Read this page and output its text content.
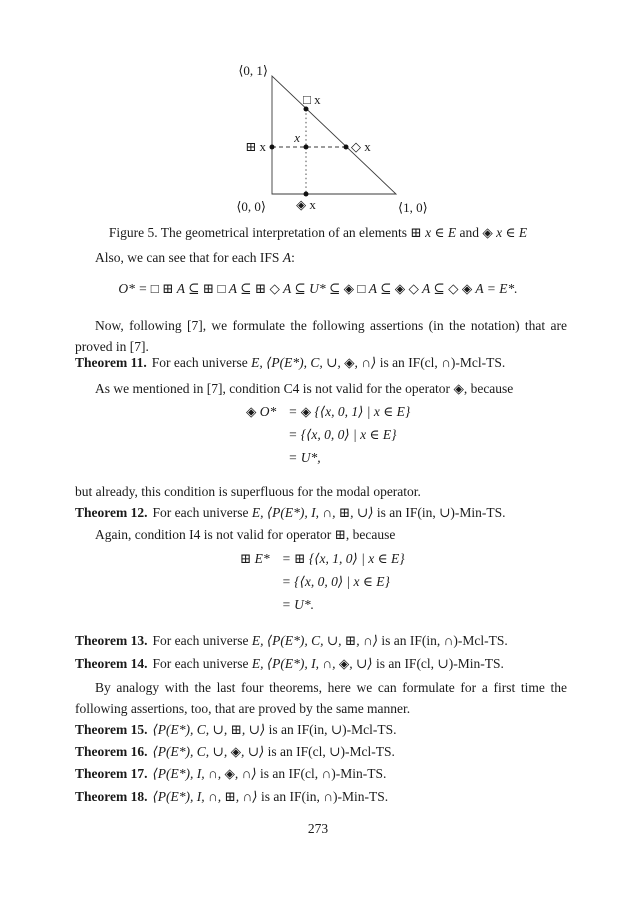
⟨0, 1⟩
⟨0, 0⟩	⟨1, 0⟩
□ x
x
⊞ x	◇ x
◈ x
Figure 5. The geometrical interpretation of an elements ⊞ x ∈ E and ◈ x ∈ E
Also, we can see that for each IFS A:
O* = □ ⊞ A ⊆ ⊞ □ A ⊆ ⊞ ◇ A ⊆ U* ⊆ ◈ □ A ⊆ ◈ ◇ A ⊆ ◇ ◈ A = E*.
Now, following [7], we formulate the following assertions (in the notation) that are proved in [7].
Theorem 11. For each universe E, ⟨P(E*), C, ∪, ◈, ∩⟩ is an IF(cl, ∩)-Mcl-TS.
As we mentioned in [7], condition C4 is not valid for the operator ◈, because
◈ O* = ◈ {⟨x, 0, 1⟩ | x ∈ E}
= {⟨x, 0, 0⟩ | x ∈ E}
= U*,
but already, this condition is superfluous for the modal operator.
Theorem 12. For each universe E, ⟨P(E*), I, ∩, ⊞, ∪⟩ is an IF(in, ∪)-Min-TS.
Again, condition I4 is not valid for operator ⊞, because
⊞ E* = ⊞ {⟨x, 1, 0⟩ | x ∈ E}
= {⟨x, 0, 0⟩ | x ∈ E}
= U*.
Theorem 13. For each universe E, ⟨P(E*), C, ∪, ⊞, ∩⟩ is an IF(in, ∩)-Mcl-TS.
Theorem 14. For each universe E, ⟨P(E*), I, ∩, ◈, ∪⟩ is an IF(cl, ∪)-Min-TS.
By analogy with the last four theorems, here we can formulate for a first time the following assertions, too, that are proved by the same manner.
Theorem 15. ⟨P(E*), C, ∪, ⊞, ∪⟩ is an IF(in, ∪)-Mcl-TS.
Theorem 16. ⟨P(E*), C, ∪, ◈, ∪⟩ is an IF(cl, ∪)-Mcl-TS.
Theorem 17. ⟨P(E*), I, ∩, ◈, ∩⟩ is an IF(cl, ∩)-Min-TS.
Theorem 18. ⟨P(E*), I, ∩, ⊞, ∩⟩ is an IF(in, ∩)-Min-TS.
273
